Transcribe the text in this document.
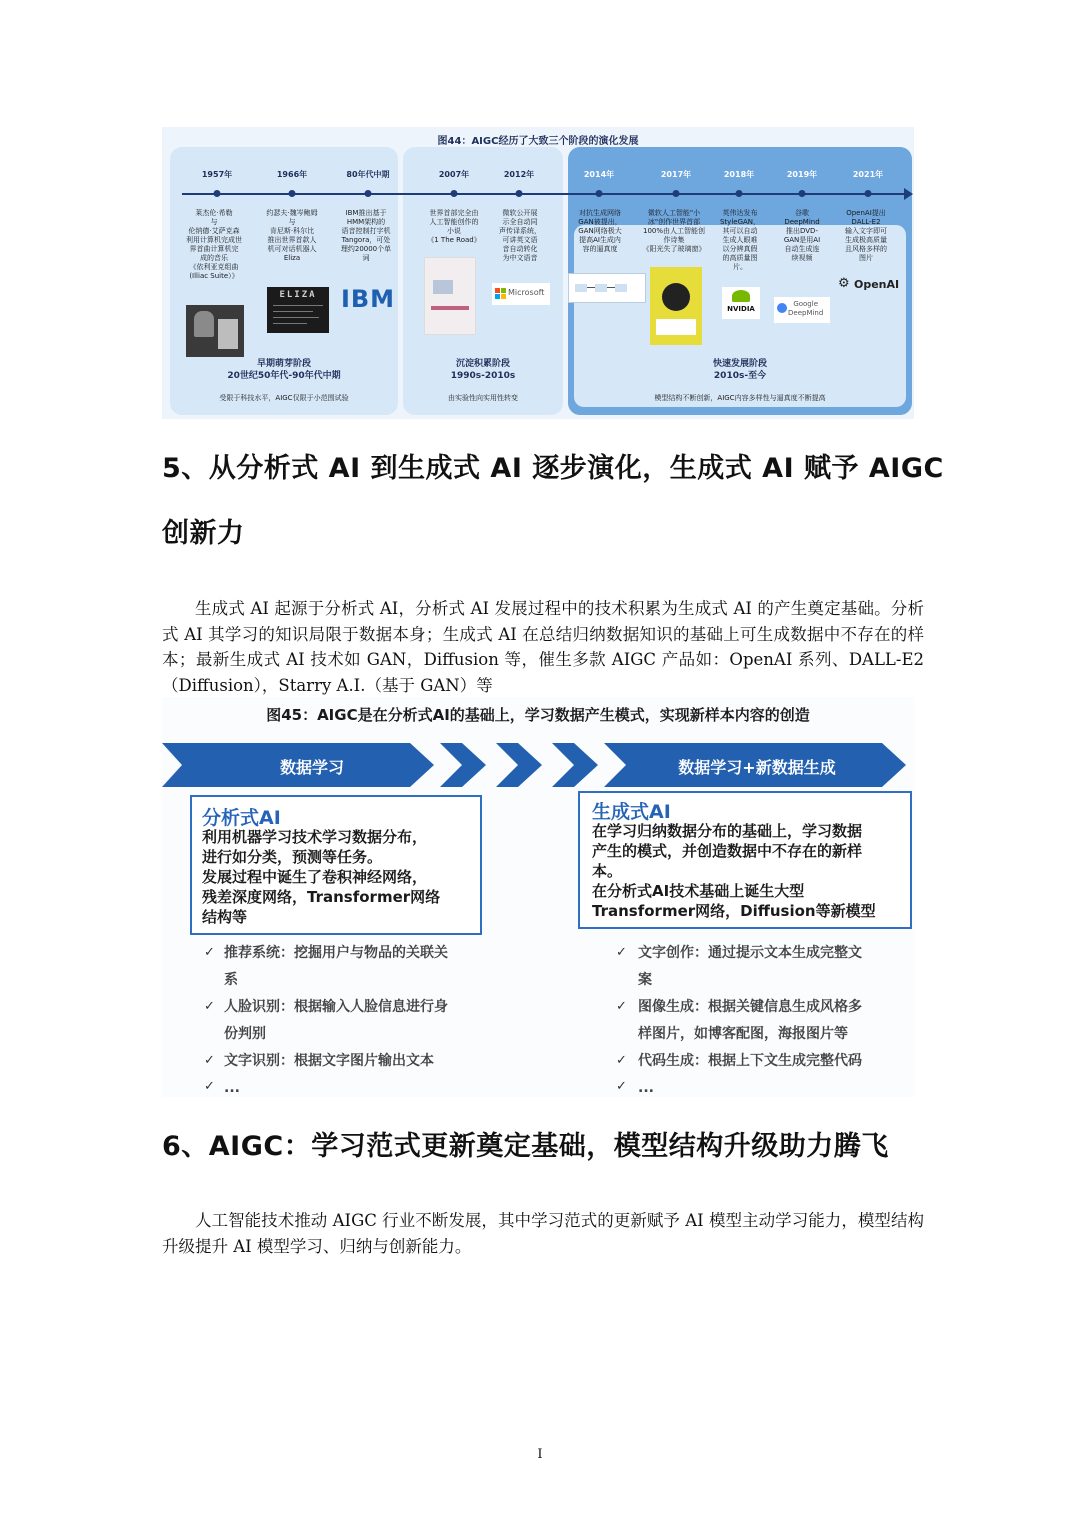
图44：AIGC经历了大致三个阶段的演化发展
1957年	1966年	80年代中期	2007年	2012年	2014年	2017年	2018年	2019年	2021年
莱杰伦·希勒
与
伦纳德·艾萨克森
利用计算机完成世
界首曲计算机完
成的音乐
《依利亚克组曲
(Illiac Suite）》
约瑟夫·魏岑鲍姆
与
肯尼斯·科尔比
推出世界首款人
机可对话机器人
Eliza
IBM推出基于
HMM架构的
语音控制打字机
Tangora，可处
理约20000个单
词
世界首部完全由
人工智能创作的
小说
《1 The Road》
微软公开展
示全自动同
声传译系统，
可讲英文语
音自动转化
为中文语音
对抗生成网络
GAN被提出，
GAN网络极大
提高AI生成内
容的逼真度
微软人工智能"小
冰"创作世界首部
100%由人工智能创
作诗集
《阳光失了玻璃窗》
英伟达发布
StyleGAN，
其可以自动
生成人眼难
以分辨真假
的高质量图
片。
谷歌
DeepMind
推出DVD-
GAN是用AI
自动生成连
续视频
OpenAI提出
DALL-E2
输入文字即可
生成极高质量
且风格多样的
图片
ELIZA	IBM	Microsoft
NVIDIA
Google
DeepMind
⚙ OpenAI
早期萌芽阶段
20世纪50年代-90年代中期
受限于科技水平，AIGC仅限于小范围试验
沉淀积累阶段
1990s-2010s
由实验性向实用性转变
快速发展阶段
2010s-至今
模型结构不断创新，AIGC内容多样性与逼真度不断提高
5、从分析式 AI 到生成式 AI 逐步演化，生成式 AI 赋予 AIGC
创新力

生成式 AI 起源于分析式 AI，分析式 AI 发展过程中的技术积累为生成式 AI 的产生奠定基础。分析式 AI 其学习的知识局限于数据本身；生成式 AI 在总结归纳数据知识的基础上可生成数据中不存在的样本；最新生成式 AI 技术如 GAN，Diffusion 等，催生多款 AIGC 产品如：OpenAI 系列、DALL-E2（Diffusion），Starry A.I.（基于 GAN）等

图45：AIGC是在分析式AI的基础上，学习数据产生模式，实现新样本内容的创造
数据学习	数据学习+新数据生成
分析式AI
利用机器学习技术学习数据分布，
进行如分类，预测等任务。
发展过程中诞生了卷积神经网络，
残差深度网络，Transformer网络
结构等
生成式AI
在学习归纳数据分布的基础上，学习数据
产生的模式，并创造数据中不存在的新样
本。
在分析式AI技术基础上诞生大型
Transformer网络，Diffusion等新模型
✓
✓
✓
✓
推荐系统：挖掘用户与物品的关联关
系
人脸识别：根据输入人脸信息进行身
份判别
文字识别：根据文字图片输出文本
...
✓
✓
✓
✓
文字创作：通过提示文本生成完整文
案
图像生成：根据关键信息生成风格多
样图片，如博客配图，海报图片等
代码生成：根据上下文生成完整代码
...
6、AIGC：学习范式更新奠定基础，模型结构升级助力腾飞

人工智能技术推动 AIGC 行业不断发展，其中学习范式的更新赋予 AI 模型主动学习能力，模型结构升级提升 AI 模型学习、归纳与创新能力。

I
